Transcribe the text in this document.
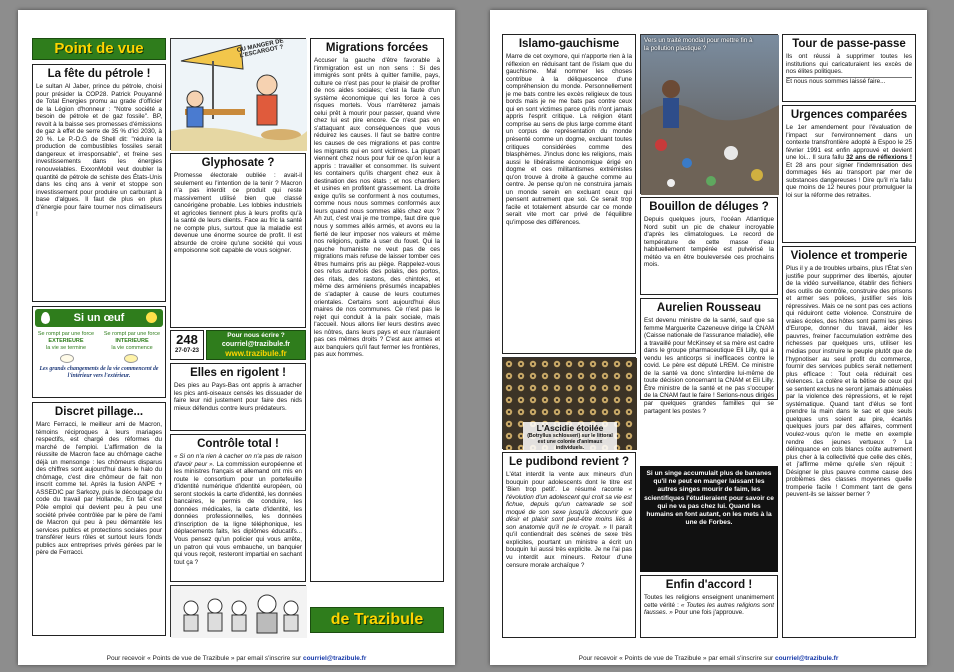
Point de vue
La fête du pétrole !
Le sultan Al Jaber, prince du pétrole, choisi pour présider la COP28. Patrick Pouyanné de Total Energies promu au grade d'officier de la Légion d'honneur : "Notre société a besoin de pétrole et de gaz fossile". BP, revoit à la baisse ses promesses d'émissions de gaz à effet de serre de 35 % d'ici 2030, à 20 %. Le P.-D.G de Shell dit: "réduire la production de combustibles fossiles serait dangereux et irresponsable", et freine ses investissements dans les énergies renouvelables. ExxonMobil veut doubler la quantité de pétrole de schiste des États-Unis dans les cinq ans à venir et stoppe son investissement pour produire un carburant à base d'algues. Il faut de plus en plus d'énergie pour faire tourner nos climatiseurs !
Si un œuf
Se rompt par une force
EXTERIEURE
la vie se termine
Se rompt par une force
INTERIEURE
la vie commence
Les grands changements de la vie commencent de l'intérieur vers l'extérieur.
Discret pillage...
Marc Ferracci, le meilleur ami de Macron, témoins réciproques à leurs mariages respectifs, est chargé des réformes du marché de l'emploi. L'affirmation de la réussite de Macron face au chômage cache déjà un mensonge : les chômeurs disparus des chiffres sont aujourd'hui dans le halo du chômage, c'est dire chômeur de fait non inscrit comme tel. Après la fusion ANPE + ASSEDIC par Sarkozy, puis le découpage du code du travail par Hollande, En fait c'est Pôle emploi qui devient peu à peu une société privée contrôlée par le père de l'ami de Macron qui peu à peu démantèle les services publics et protections sociales pour transférer leurs rôles et surtout leurs fonds publics aux entreprises privés gérées par le père de Ferracci.
OU MANGER DE L'ESCARGOT ?
Glyphosate ?
Promesse électorale oubliée : avait-il seulement eu l'intention de la tenir ? Macron n'a pas interdit ce produit qui reste massivement utilisé bien que classé cancérigène probable. Les lobbies industriels et agricoles tiennent plus à leurs profits qu'à la santé de leurs clients. Face au fric la santé ne compte plus, surtout que la maladie est devenue une énorme source de profit. Il est absurde de croire qu'une société qui vous empoisonne soit capable de vous soigner.
248
27-07-23
Pour nous écrire ?
courriel@trazibule.fr
www.trazibule.fr
Elles en rigolent !
Des pies au Pays-Bas ont appris à arracher les pics anti-oiseaux censés les dissuader de faire leur nid justement pour faire des nids mieux défendus contre leurs prédateurs.
Contrôle total !
« Si on n'a rien à cacher on n'a pas de raison d'avoir peur ». La commission européenne et les ministres français et allemand ont mis en route le consortium pour un portefeuille d'identité numérique d'identité européen, où seront stockés la carte d'identité, les données bancaires, le permis de conduire, les données médicales, la carte d'identité, les données professionnelles, les données d'inscription de la ligne téléphonique, les déplacements faits, les diplômes éducatifs... Vous pensez qu'un policier qui vous arrête, un patron qui vous embauche, un banquier qui vous reçoit, resteront impartial en sachant tout ça ?
Migrations forcées
Accuser la gauche d'être favorable à l'immigration est un non sens : Si des immigrés sont prêts à quitter famille, pays, culture ce n'est pas pour le plaisir de profiter de nos aides sociales; c'est la faute d'un système économique qui les force à ces risques mortels. Vous n'arrêterez jamais celui prêt à mourir pour passer, quand vivre chez lui est pire encore. Ce n'est pas en s'attaquant aux conséquences que vous réduirez les causes. Il faut se battre contre les causes de ces migrations et pas contre les migrants qui en sont victimes. La plupart viennent chez nous pour fuir ce qu'on leur a appris : travailler et consommer. Ils suivent les containers qu'ils chargent chez eux à destination des nos états ; et nos chantiers et usines en profitent grassement. La droite exige qu'ils se conforment à nos coutumes, comme nous nous sommes conformés aux leurs quand nous sommes allés chez eux ? Ah zut, c'est vrai je me trompe, faut dire que nous y sommes allés armés, et avons eu la fierté de leur imposer nos valeurs et même nos religions, quitte à user du fouet. Qui la gauche humaniste ne veut pas de ces migrations mais refuse de laisser tomber ces êtres humains pris au piège. Rappelez-vous ces refus autrefois des polaks, des portos, des ritals, des rastons, des chintoks, et même des arméniens présumés incapables de s'adapter à cause de leurs coutumes orientales. Certains sont aujourd'hui élus maires de nos communes. Ce n'est pas le rejet qui conduit à la paix sociale, mais l'accueil. Nous allons lier leurs destins avec les nôtres, dans leurs pays et eux n'auraient pas ces mêmes droits ? C'est aux armes et aux banquiers qu'il faut fermer les frontières, pas aux hommes.
de Trazibule
Pour recevoir « Points de vue de Trazibule » par email s'inscrire sur courriel@trazibule.fr
Islamo-gauchisme
Marre de cet oxymore, qui n'apporte rien à la réflexion en réduisant tant de l'islam que du gauchisme. Mal nommer les choses contribue à la déliquescence d'une compréhension du monde. Personnellement je me bats contre les excès religieux de tous bords mais je ne me bats pas contre ceux qui en sont victimes parce qu'ils n'ont jamais appris l'esprit critique. La religion étant comprise au sens de plus large comme étant un corpus de représentation du monde présenté comme un dogme, excluant toutes critiques considérées comme des blasphèmes. J'inclus donc les religions, mais aussi le libéralisme économique érigé en dogme et ces militantismes extrémistes qu'on trouve à droite à gauche comme au centre. Je pense qu'on ne construira jamais un monde serein en excluant ceux qui pensent autrement que soi. Ce serait trop facile et totalement absurde car ce monde serait vite mort car privé de l'équilibre qu'impose des différences.
Vers un traité mondial pour mettre fin à la pollution plastique ?
Bouillon de déluges ?
Depuis quelques jours, l'océan Atlantique Nord subit un pic de chaleur incroyable d'après les climatologues. Le record de température de cette masse d'eau habituellement tempérée est pulvérisé la météo va en être bouleversée ces prochains mois.
Aurelien Rousseau
Est devenu ministre de la santé, sauf que sa femme Marguerite Cazeneuve dirige la CNAM (Caisse nationale de l'assurance maladie), elle a travaillé pour McKinsey et sa mère est cadre dans le groupe pharmaceutique Eli Lilly, qui a vendu les anticorps si inefficaces contre le covid. Le père est député LREM. Ce ministre de la santé va donc s'interdire lui-même de toute décision concernant la CNAM et Eli Lilly. Être ministre de la santé et ne pas s'occuper de la CNAM faut le faire ! Serions-nous dirigés par quelques grandes familles qui se partagent les postes ?
L'Ascidie étoilée
(Botryllus schlosseri) sur le littoral est une colonie d'animaux individuels.
Le pudibond revient ?
L'état interdit la vente aux mineurs d'un bouquin pour adolescents dont le titre est 'Bien trop petit'. Le résumé raconte « l'évolution d'un adolescent qui croit sa vie est fichue, depuis qu'un camarade se soit moqué de son sexe jusqu'à découvrir que désir et plaisir sont peut-être moins liés à son anatomie qu'il ne le croyait. » Il paraît qu'il contiendrait des scènes de sexe très explicites, pourtant un ministre a écrit un bouquin lui aussi très explicite. Je ne l'ai pas vu interdit aux mineurs. Retour d'une censure morale archaïque ?
Si un singe accumulait plus de bananes qu'il ne peut en manger laissant les autres singes mourir de faim, les scientifiques l'étudieraient pour savoir ce qui ne va pas chez lui. Quand les humains en font autant, on les mets à la une de Forbes.
Enfin d'accord !
Toutes les religions enseignent unanimement cette vérité : « Toutes les autres religions sont fausses. » Pour une fois j'approuve.
Tour de passe-passe
Ils ont réussi à supprimer toutes les institutions qui caricaturaient les excès de nos élites politiques.
Et nous nous sommes laissé faire...
Urgences comparées
Le 1er amendement pour l'évaluation de l'impact sur l'environnement dans un contexte transfrontière adopté à Espoo le 25 février 1991 est enfin approuvé et devient une loi... Il sura fallu 32 ans de réflexions ! Et 28 ans pour signer l'indemnisation des dommages liés au transport par mer de substances dangereuses ! Dire qu'il n'a fallu que moins de 12 heures pour promulguer la loi sur la réforme des retraites.
Violence et tromperie
Plus il y a de troubles urbains, plus l'État s'en justifie pour supprimer des libertés, ajouter de la vidéo surveillance, établir des fichiers des outils de contrôle, construire des prisons et armer ses polices, justifier ses lois répressives. Mais ce ne sont pas ces actions qui réduiront cette violence. Construire de vraies écoles, des hôtes sont parmi les pires d'Europe, donner du travail, aider les pauvres, freiner l'accumulation extrême des richesses par quelques uns, utiliser les médias pour instruire le peuple plutôt que de l'hypnotiser au seul profit du commerce, fournir des services publics serait nettement plus efficace : Tout cela réduirait ces violences. La colère et la bêtise de ceux qui se sentent exclus ne seront jamais atténuées par la violence des répressions, et le rejet systématique. Quand tant d'élus se font prendre la main dans le sac et que seuls quelques uns soient au pire, écartés quelques jours par des affaires, comment voulez-vous qu'on le mette en exemple rendre des jeunes vertueux ? La délinquance en cols blancs coûte autrement plus cher à la collectivité que celle des cités, et j'affirme même qu'elle s'en réjouit : Désigner le plus pauvre comme cause des problèmes des classes moyennes quelle tromperie facile ! Comment tant de gens peuvent-ils se laisser berner ?
Pour recevoir « Points de vue de Trazibule » par email s'inscrire sur courriel@trazibule.fr
